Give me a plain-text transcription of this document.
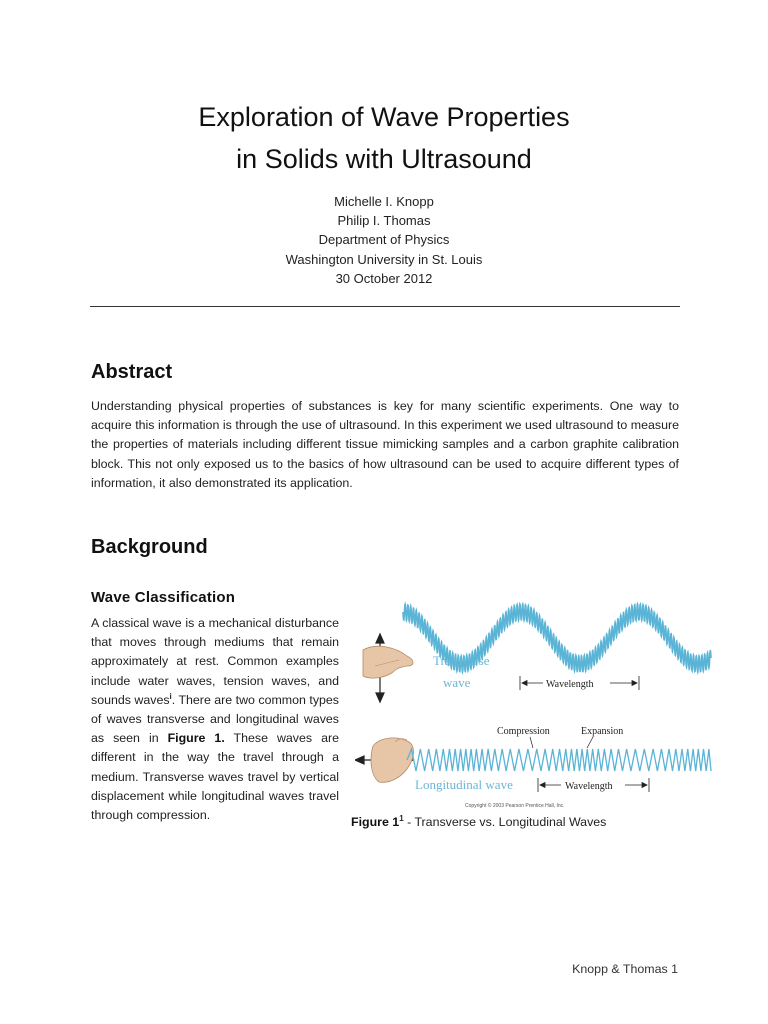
Exploration of Wave Properties
in Solids with Ultrasound
Michelle I. Knopp
Philip I. Thomas
Department of Physics
Washington University in St. Louis
30 October 2012
Abstract

Understanding physical properties of substances is key for many scientific experiments. One way to acquire this information is through the use of ultrasound. In this experiment we used ultrasound to measure the properties of materials including different tissue mimicking samples and a carbon graphite calibration block. This not only exposed us to the basics of how ultrasound can be used to acquire different types of information, it also demonstrated its application.

Background
Wave Classification

A classical wave is a mechanical disturbance that moves through mediums that remain approximately at rest. Common examples include water waves, tension waves, and sounds waves$^i$. There are two common types of waves transverse and longitudinal waves as seen in Figure 1. These waves are different in the way the travel through a medium. Transverse waves travel by vertical displacement while longitudinal waves travel through compression.

Transverse
wave	Wavelength
Compression	Expansion
Longitudinal wave	Wavelength
Copyright © 2003 Pearson Prentice Hall, Inc.
Figure $1^1$ - Transverse vs. Longitudinal Waves
Knopp & Thomas 1
